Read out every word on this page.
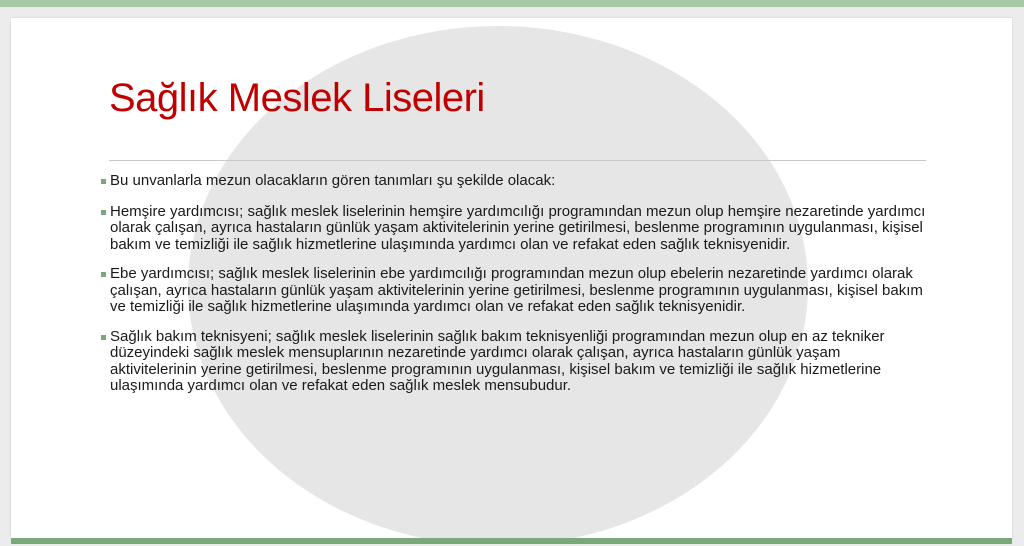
Sağlık Meslek Liseleri

Bu unvanlarla mezun olacakların gören tanımları şu şekilde olacak:

Hemşire yardımcısı; sağlık meslek liselerinin hemşire yardımcılığı programından mezun olup hemşire nezaretinde yardımcı olarak çalışan, ayrıca hastaların günlük yaşam aktivitelerinin yerine getirilmesi, beslenme programının uygulanması, kişisel bakım ve temizliği ile sağlık hizmetlerine ulaşımında yardımcı olan ve refakat eden sağlık teknisyenidir.

Ebe yardımcısı; sağlık meslek liselerinin ebe yardımcılığı programından mezun olup ebelerin nezaretinde yardımcı olarak çalışan, ayrıca hastaların günlük yaşam aktivitelerinin yerine getirilmesi, beslenme programının uygulanması, kişisel bakım ve temizliği ile sağlık hizmetlerine ulaşımında yardımcı olan ve refakat eden sağlık teknisyenidir.

Sağlık bakım teknisyeni; sağlık meslek liselerinin sağlık bakım teknisyenliği programından mezun olup en az tekniker düzeyindeki sağlık meslek mensuplarının nezaretinde yardımcı olarak çalışan, ayrıca hastaların günlük yaşam aktivitelerinin yerine getirilmesi, beslenme programının uygulanması, kişisel bakım ve temizliği ile sağlık hizmetlerine ulaşımında yardımcı olan ve refakat eden sağlık meslek mensubudur.
